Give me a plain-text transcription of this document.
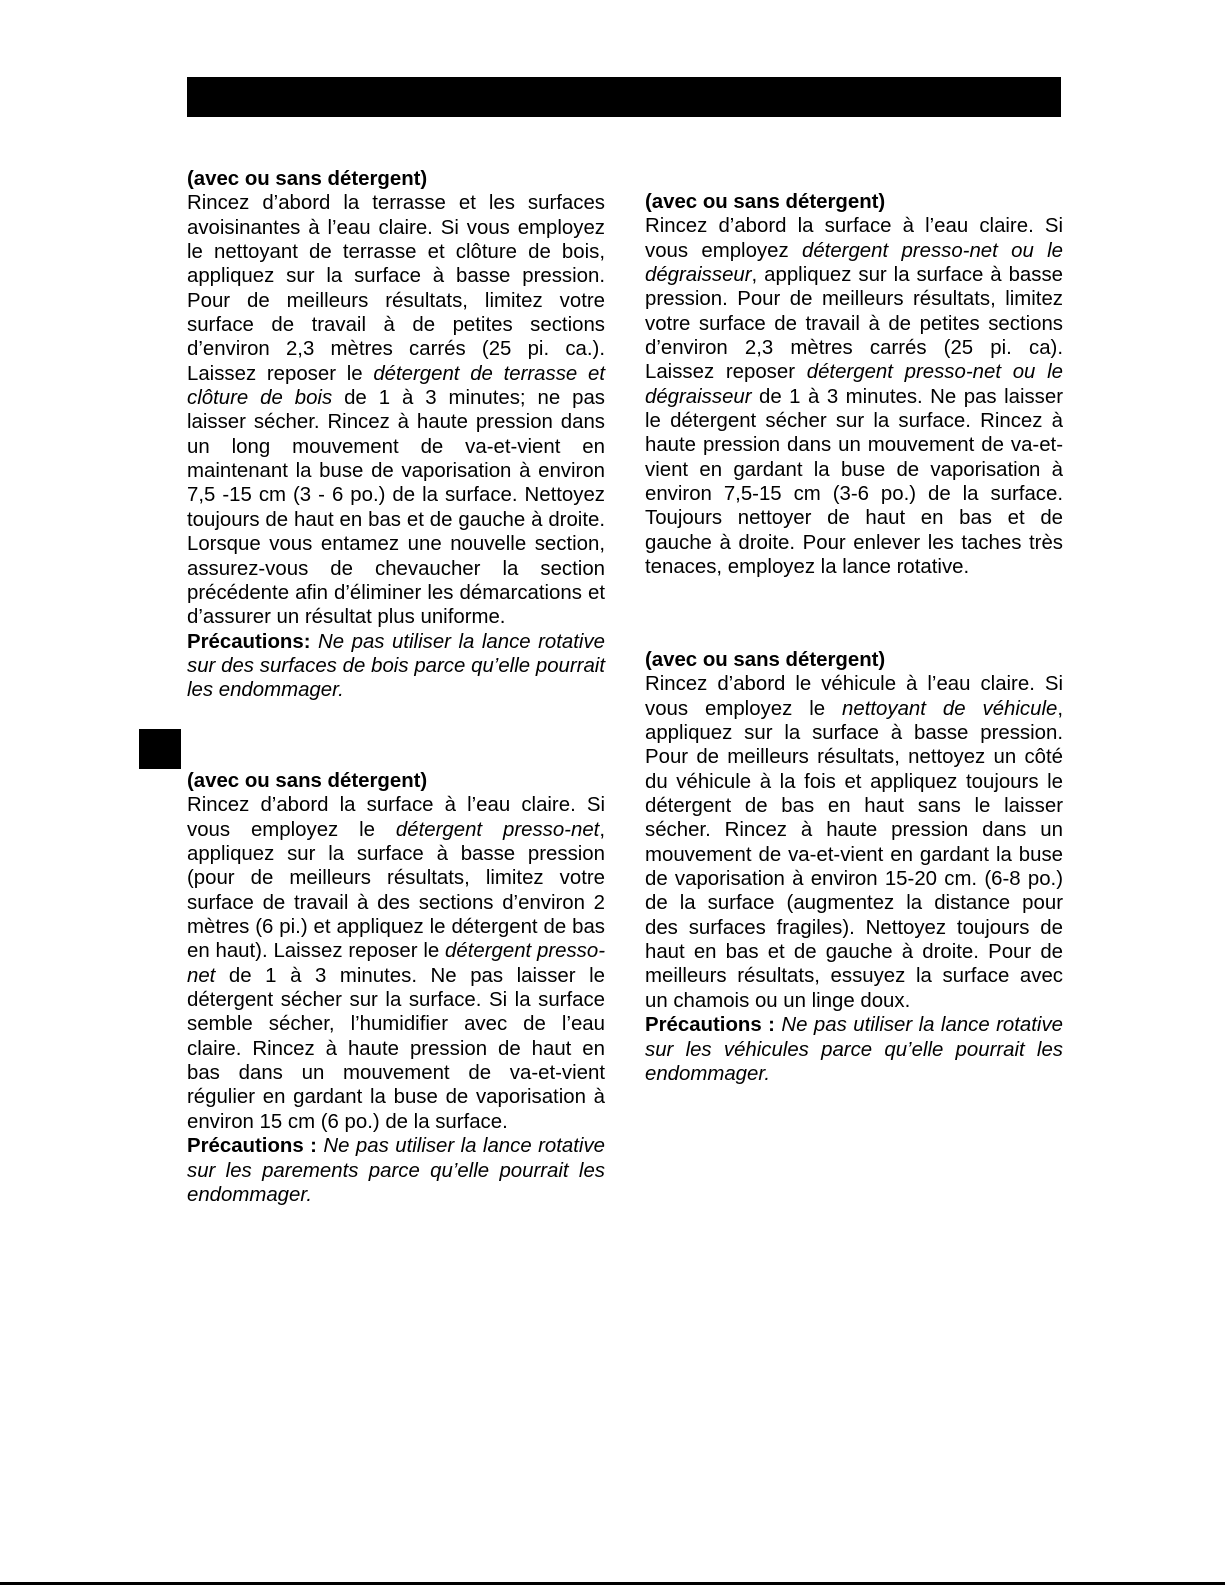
(avec ou sans détergent)

Rincez d’abord la terrasse et les surfaces avoisinantes à l’eau claire. Si vous employez le nettoyant de terrasse et clôture de bois, appliquez sur la surface à basse pression. Pour de meilleurs résultats, limitez votre surface de travail à de petites sections d’environ 2,3 mètres carrés (25 pi. ca.). Laissez reposer le détergent de terrasse et clôture de bois de 1 à 3 minutes; ne pas laisser sécher. Rincez à haute pression dans un long mouvement de va-et-vient en maintenant la buse de vaporisation à environ 7,5 -15 cm (3 - 6 po.) de la surface. Nettoyez toujours de haut en bas et de gauche à droite. Lorsque vous entamez une nouvelle section, assurez-vous de chevaucher la section précédente afin d’éliminer les démarcations et d’assurer un résultat plus uniforme.

Précautions: Ne pas utiliser la lance rotative sur des surfaces de bois parce qu’elle pourrait les endommager.

(avec ou sans détergent)

Rincez d’abord la surface à l’eau claire. Si vous employez le détergent presso-net, appliquez sur la surface à basse pression (pour de meilleurs résultats, limitez votre surface de travail à des sections d’environ 2 mètres (6 pi.) et appliquez le détergent de bas en haut). Laissez reposer le détergent presso-net de 1 à 3 minutes. Ne pas laisser le détergent sécher sur la surface. Si la surface semble sécher, l’humidifier avec de l’eau claire. Rincez à haute pression de haut en bas dans un mouvement de va-et-vient régulier en gardant la buse de vaporisation à environ 15 cm (6 po.) de la surface.

Précautions : Ne pas utiliser la lance rotative sur les parements parce qu’elle pourrait les endommager.

(avec ou sans détergent)

Rincez d’abord la surface à l’eau claire. Si vous employez détergent presso-net ou le dégraisseur, appliquez sur la surface à basse pression. Pour de meilleurs résultats, limitez votre surface de travail à de petites sections d’environ 2,3 mètres carrés (25 pi. ca). Laissez reposer détergent presso-net ou le dégraisseur de 1 à 3 minutes. Ne pas laisser le détergent sécher sur la surface. Rincez à haute pression dans un mouvement de va-et-vient en gardant la buse de vaporisation à environ 7,5-15 cm (3-6 po.) de la surface. Toujours nettoyer de haut en bas et de gauche à droite. Pour enlever les taches très tenaces, employez la lance rotative.

(avec ou sans détergent)

Rincez d’abord le véhicule à l’eau claire. Si vous employez le nettoyant de véhicule, appliquez sur la surface à basse pression. Pour de meilleurs résultats, nettoyez un côté du véhicule à la fois et appliquez toujours le détergent de bas en haut sans le laisser sécher. Rincez à haute pression dans un mouvement de va-et-vient en gardant la buse de vaporisation à environ 15-20 cm. (6-8 po.) de la surface (augmentez la distance pour des surfaces fragiles). Nettoyez toujours de haut en bas et de gauche à droite. Pour de meilleurs résultats, essuyez la surface avec un chamois ou un linge doux.

Précautions : Ne pas utiliser la lance rotative sur les véhicules parce qu’elle pourrait les endommager.
